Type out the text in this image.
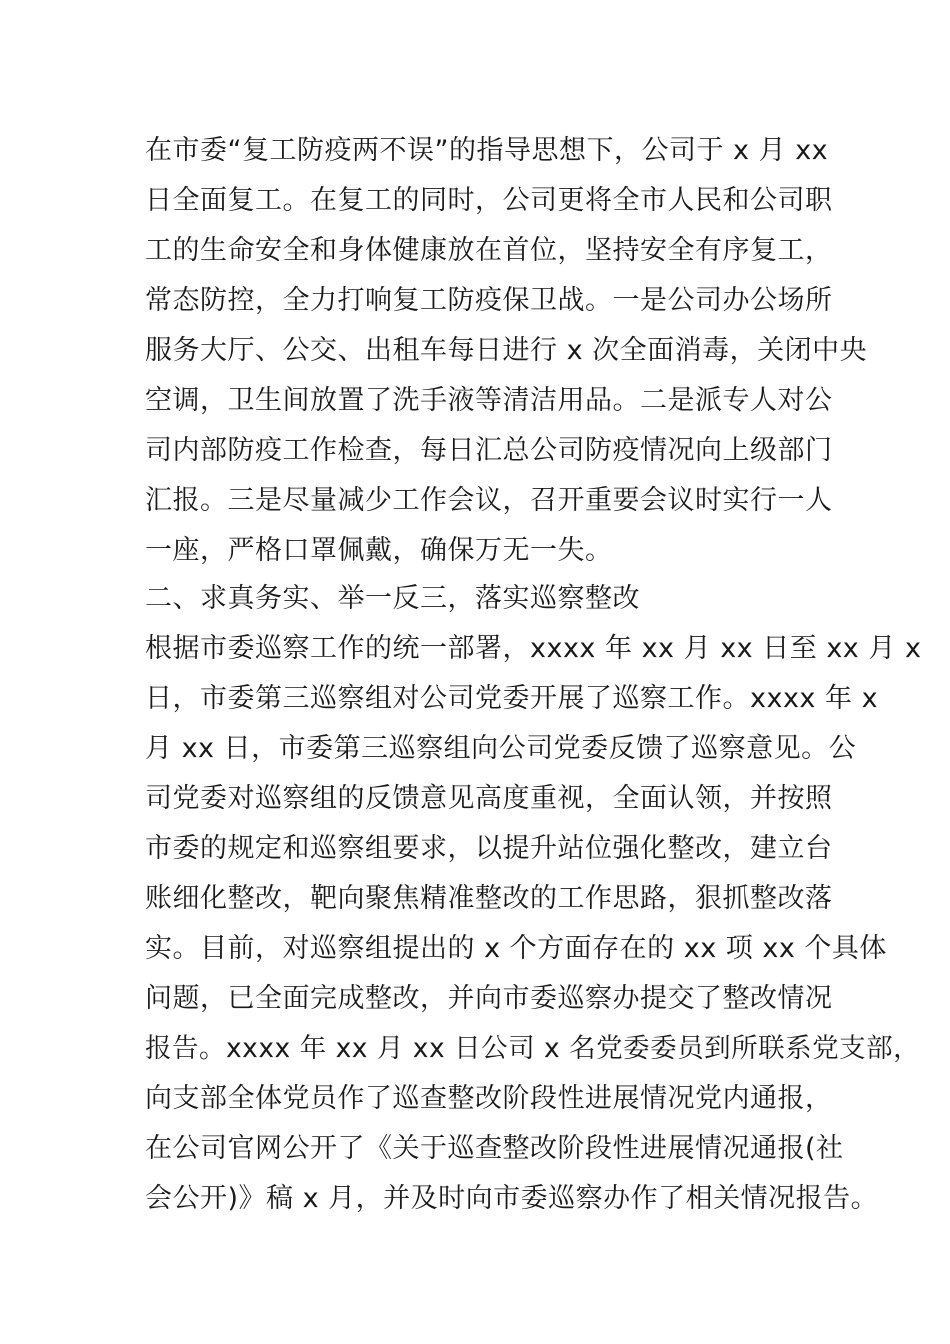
在市委“复工防疫两不误”的指导思想下，公司于 x 月 xx
日全面复工。在复工的同时，公司更将全市人民和公司职
工的生命安全和身体健康放在首位，坚持安全有序复工，
常态防控，全力打响复工防疫保卫战。一是公司办公场所
服务大厅、公交、出租车每日进行 x 次全面消毒，关闭中央
空调，卫生间放置了洗手液等清洁用品。二是派专人对公
司内部防疫工作检查，每日汇总公司防疫情况向上级部门
汇报。三是尽量减少工作会议，召开重要会议时实行一人
一座，严格口罩佩戴，确保万无一失。
二、求真务实、举一反三，落实巡察整改
根据市委巡察工作的统一部署，xxxx 年 xx 月 xx 日至 xx 月 x
日，市委第三巡察组对公司党委开展了巡察工作。xxxx 年 x
月 xx 日，市委第三巡察组向公司党委反馈了巡察意见。公
司党委对巡察组的反馈意见高度重视，全面认领，并按照
市委的规定和巡察组要求，以提升站位强化整改，建立台
账细化整改，靶向聚焦精准整改的工作思路，狠抓整改落
实。目前，对巡察组提出的 x 个方面存在的 xx 项 xx 个具体
问题，已全面完成整改，并向市委巡察办提交了整改情况
报告。xxxx 年 xx 月 xx 日公司 x 名党委委员到所联系党支部，
向支部全体党员作了巡查整改阶段性进展情况党内通报，
在公司官网公开了《关于巡查整改阶段性进展情况通报(社
会公开)》稿 x 月，并及时向市委巡察办作了相关情况报告。
